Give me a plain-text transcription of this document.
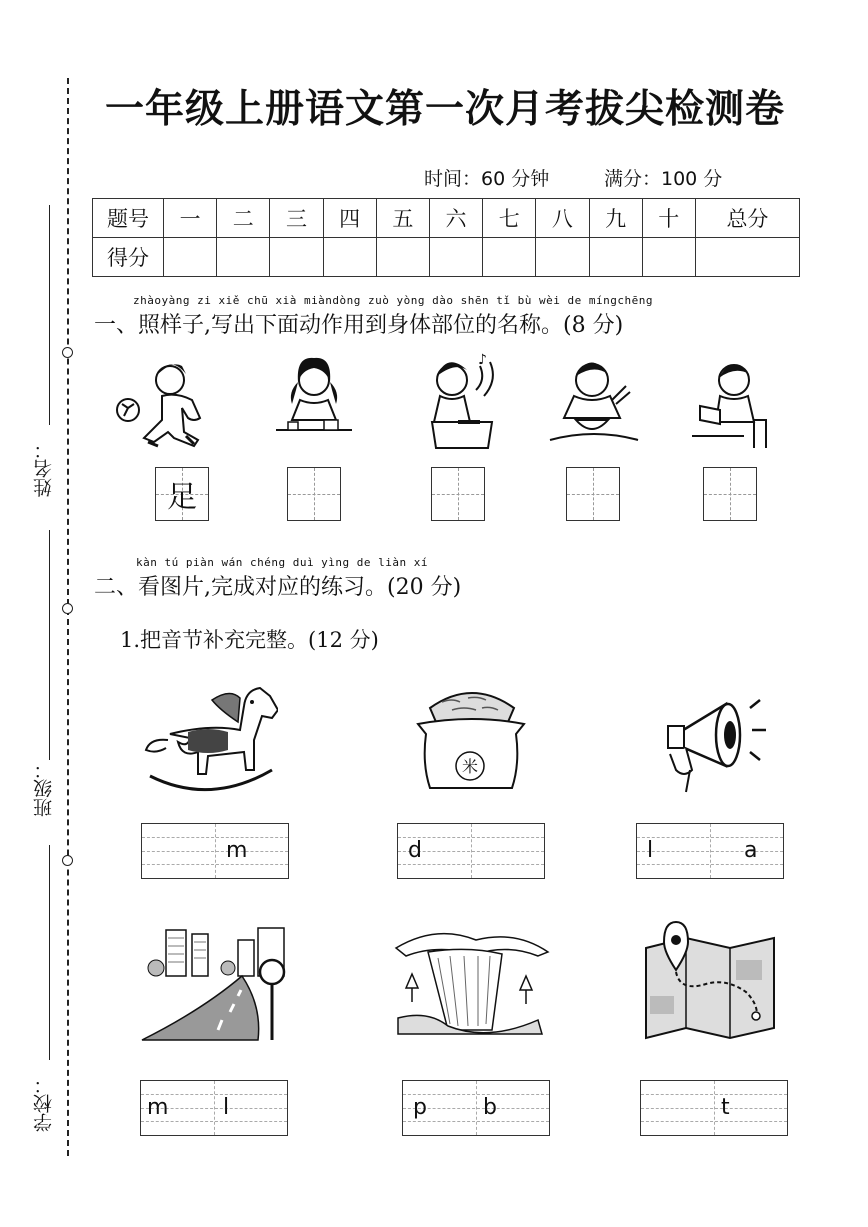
姓名：
班级：
学校：
一年级上册语文第一次月考拔尖检测卷
时间：60 分钟	满分：100 分
题号	一	二	三	四	五	六	七	八	九	十	总分
得分											
zhàoyàng zi xiě chū xià miàndòng zuò yòng dào shēn tǐ bù wèi de míngchēng
一、照样子,写出下面动作用到身体部位的名称。(8 分)
♪
足
kàn tú piàn wán chéng duì yìng de liàn xí
二、看图片,完成对应的练习。(20 分)
1.把音节补充完整。(12 分)
米
m	d	l	a
m l	p	b	t
